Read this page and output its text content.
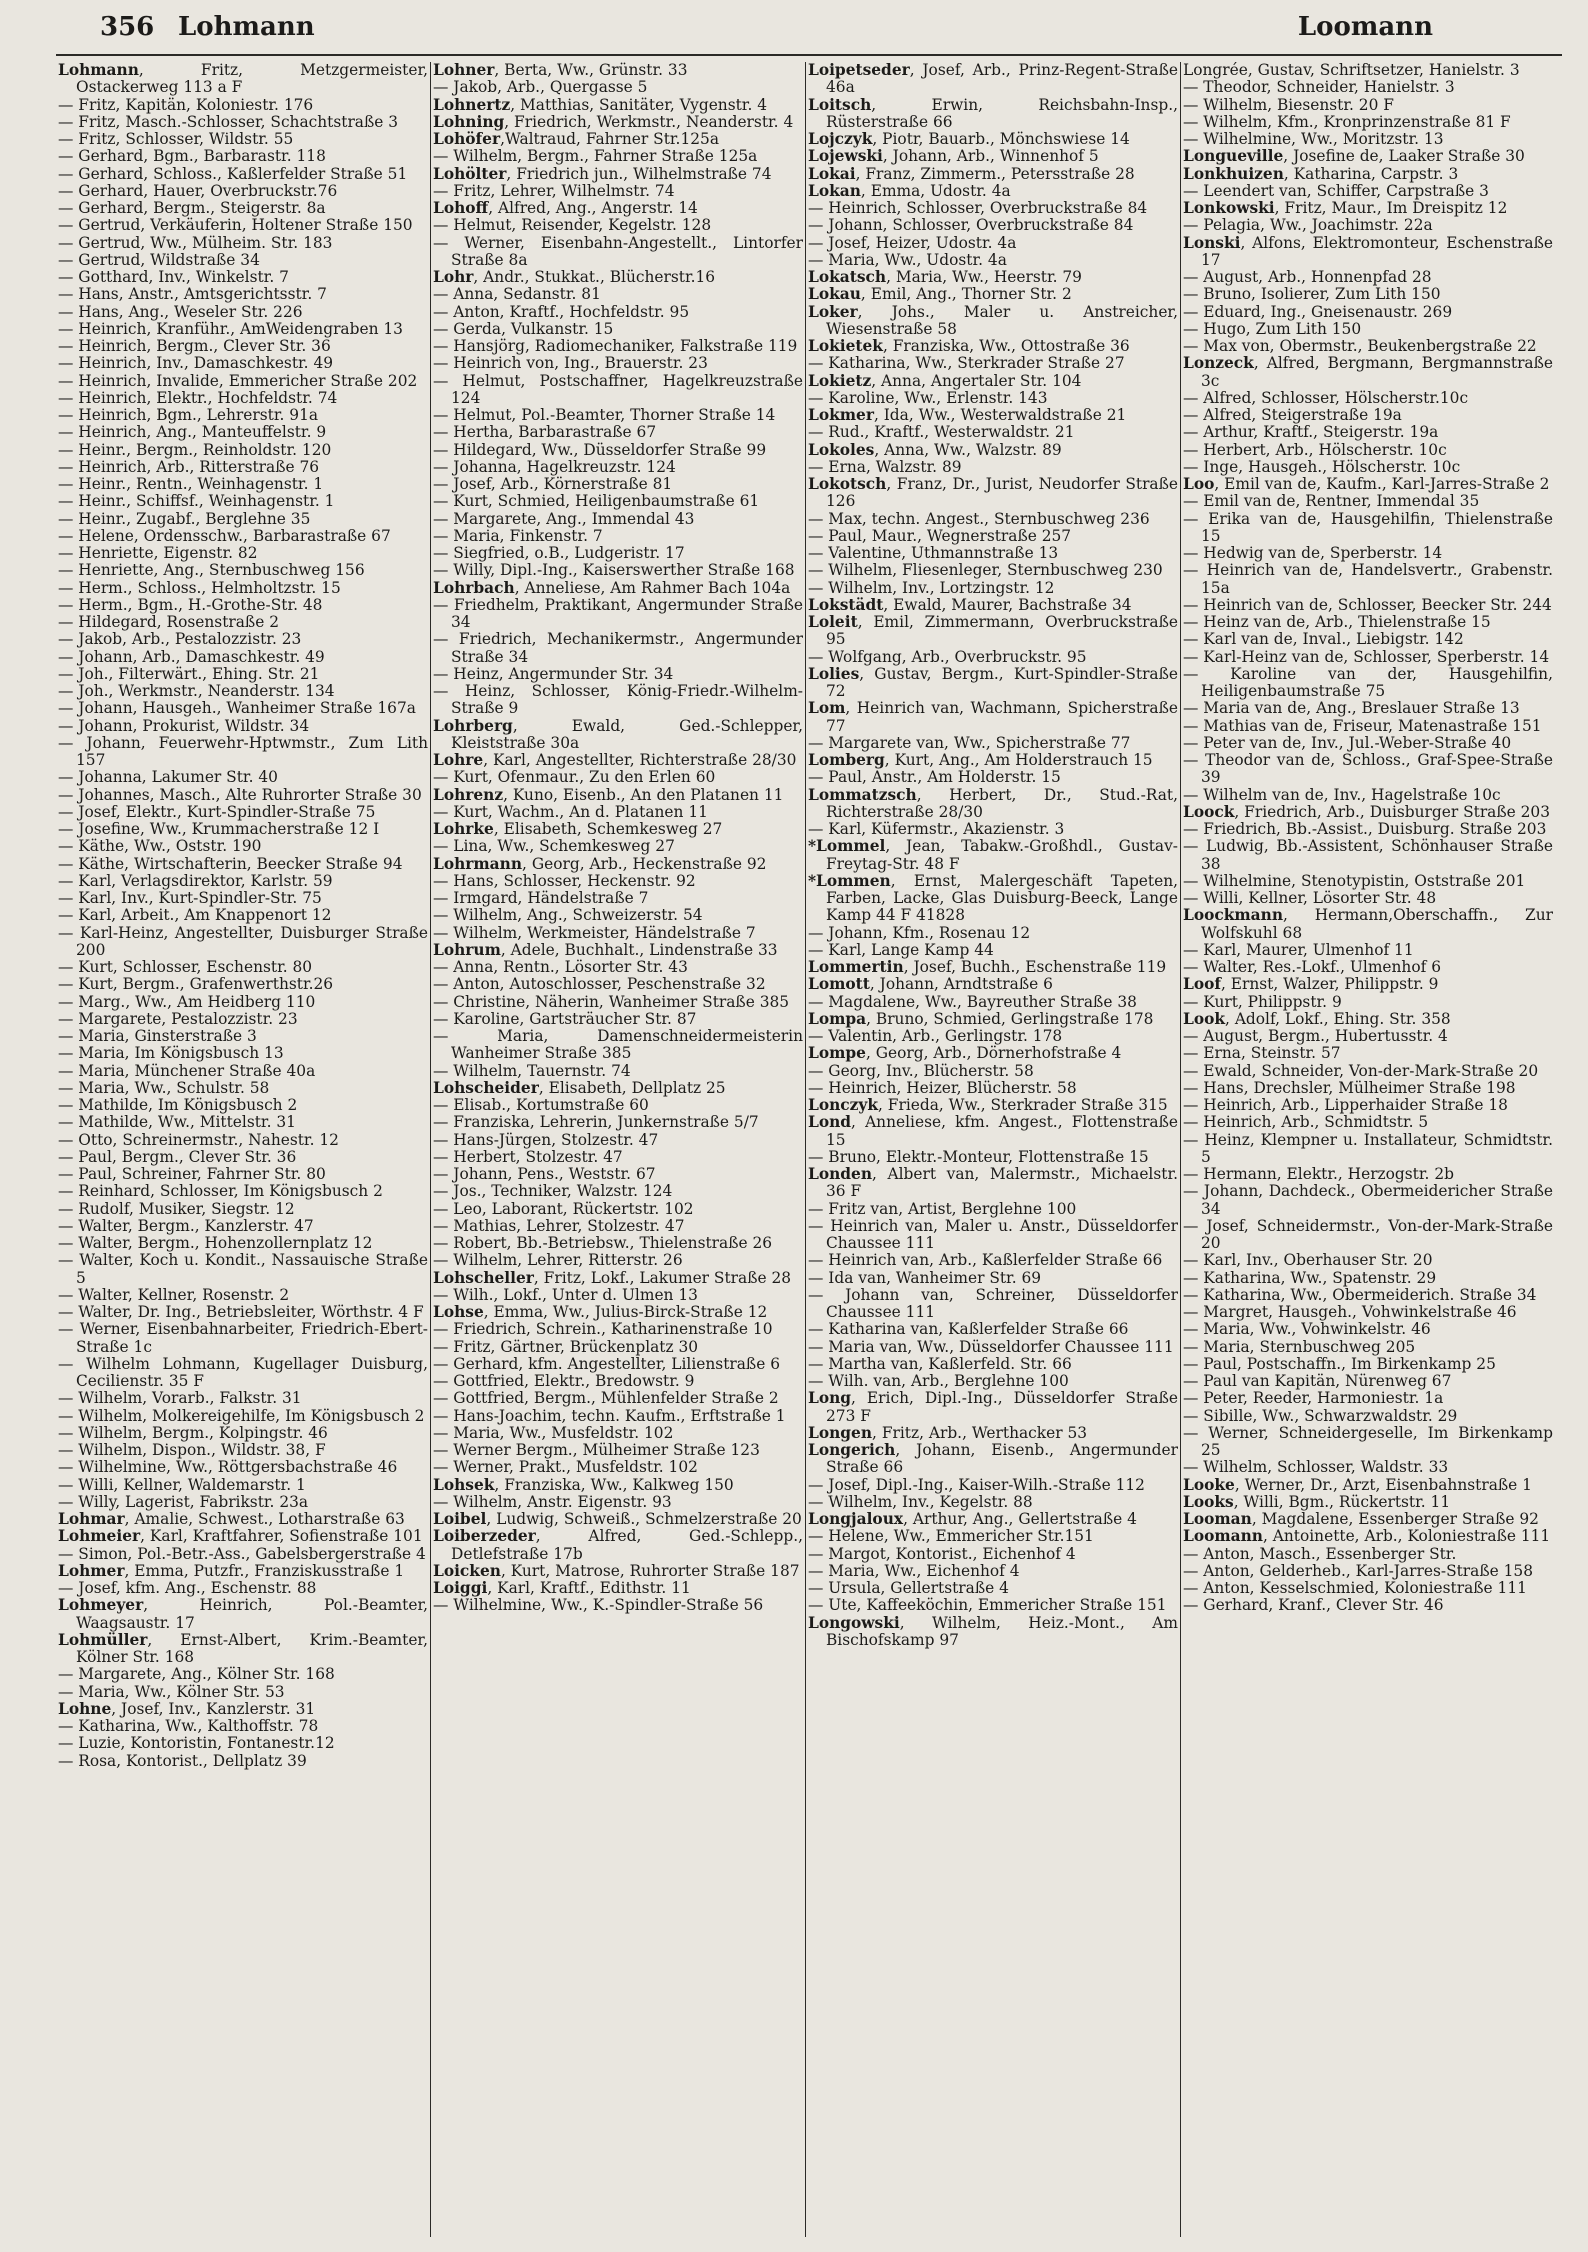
356 Lohmann	Loomann

Lohmann, Fritz, Metzgermeister, Ostackerweg 113 a F

— Fritz, Kapitän, Koloniestr. 176

— Fritz, Masch.-Schlosser, Schachtstraße 3

— Fritz, Schlosser, Wildstr. 55

— Gerhard, Bgm., Barbarastr. 118

— Gerhard, Schloss., Kaßlerfelder Straße 51

— Gerhard, Hauer, Overbruckstr.76

— Gerhard, Bergm., Steigerstr. 8a

— Gertrud, Verkäuferin, Holtener Straße 150

— Gertrud, Ww., Mülheim. Str. 183

— Gertrud, Wildstraße 34

— Gotthard, Inv., Winkelstr. 7

— Hans, Anstr., Amtsgerichtsstr. 7

— Hans, Ang., Weseler Str. 226

— Heinrich, Kranführ., AmWeidengraben 13

— Heinrich, Bergm., Clever Str. 36

— Heinrich, Inv., Damaschkestr. 49

— Heinrich, Invalide, Emmericher Straße 202

— Heinrich, Elektr., Hochfeldstr. 74

— Heinrich, Bgm., Lehrerstr. 91a

— Heinrich, Ang., Manteuffelstr. 9

— Heinr., Bergm., Reinholdstr. 120

— Heinrich, Arb., Ritterstraße 76

— Heinr., Rentn., Weinhagenstr. 1

— Heinr., Schiffsf., Weinhagenstr. 1

— Heinr., Zugabf., Berglehne 35

— Helene, Ordensschw., Barbarastraße 67

— Henriette, Eigenstr. 82

— Henriette, Ang., Sternbuschweg 156

— Herm., Schloss., Helmholtzstr. 15

— Herm., Bgm., H.-Grothe-Str. 48

— Hildegard, Rosenstraße 2

— Jakob, Arb., Pestalozzistr. 23

— Johann, Arb., Damaschkestr. 49

— Joh., Filterwärt., Ehing. Str. 21

— Joh., Werkmstr., Neanderstr. 134

— Johann, Hausgeh., Wanheimer Straße 167a

— Johann, Prokurist, Wildstr. 34

— Johann, Feuerwehr-Hptwmstr., Zum Lith 157

— Johanna, Lakumer Str. 40

— Johannes, Masch., Alte Ruhrorter Straße 30

— Josef, Elektr., Kurt-Spindler-Straße 75

— Josefine, Ww., Krummacherstraße 12 I

— Käthe, Ww., Oststr. 190

— Käthe, Wirtschafterin, Beecker Straße 94

— Karl, Verlagsdirektor, Karlstr. 59

— Karl, Inv., Kurt-Spindler-Str. 75

— Karl, Arbeit., Am Knappenort 12

— Karl-Heinz, Angestellter, Duisburger Straße 200

— Kurt, Schlosser, Eschenstr. 80

— Kurt, Bergm., Grafenwerthstr.26

— Marg., Ww., Am Heidberg 110

— Margarete, Pestalozzistr. 23

— Maria, Ginsterstraße 3

— Maria, Im Königsbusch 13

— Maria, Münchener Straße 40a

— Maria, Ww., Schulstr. 58

— Mathilde, Im Königsbusch 2

— Mathilde, Ww., Mittelstr. 31

— Otto, Schreinermstr., Nahestr. 12

— Paul, Bergm., Clever Str. 36

— Paul, Schreiner, Fahrner Str. 80

— Reinhard, Schlosser, Im Königsbusch 2

— Rudolf, Musiker, Siegstr. 12

— Walter, Bergm., Kanzlerstr. 47

— Walter, Bergm., Hohenzollernplatz 12

— Walter, Koch u. Kondit., Nassauische Straße 5

— Walter, Kellner, Rosenstr. 2

— Walter, Dr. Ing., Betriebsleiter, Wörthstr. 4 F

— Werner, Eisenbahnarbeiter, Friedrich-Ebert-Straße 1c

— Wilhelm Lohmann, Kugellager Duisburg, Cecilienstr. 35 F

— Wilhelm, Vorarb., Falkstr. 31

— Wilhelm, Molkereigehilfe, Im Königsbusch 2

— Wilhelm, Bergm., Kolpingstr. 46

— Wilhelm, Dispon., Wildstr. 38, F

— Wilhelmine, Ww., Röttgersbachstraße 46

— Willi, Kellner, Waldemarstr. 1

— Willy, Lagerist, Fabrikstr. 23a

Lohmar, Amalie, Schwest., Lotharstraße 63

Lohmeier, Karl, Kraftfahrer, Sofienstraße 101

— Simon, Pol.-Betr.-Ass., Gabelsbergerstraße 4

Lohmer, Emma, Putzfr., Franziskusstraße 1

— Josef, kfm. Ang., Eschenstr. 88

Lohmeyer, Heinrich, Pol.-Beamter, Waagsaustr. 17

Lohmüller, Ernst-Albert, Krim.-Beamter, Kölner Str. 168

— Margarete, Ang., Kölner Str. 168

— Maria, Ww., Kölner Str. 53

Lohne, Josef, Inv., Kanzlerstr. 31

— Katharina, Ww., Kalthoffstr. 78

— Luzie, Kontoristin, Fontanestr.12

— Rosa, Kontorist., Dellplatz 39

Lohner, Berta, Ww., Grünstr. 33

— Jakob, Arb., Quergasse 5

Lohnertz, Matthias, Sanitäter, Vygenstr. 4

Lohning, Friedrich, Werkmstr., Neanderstr. 4

Lohöfer,Waltraud, Fahrner Str.125a

— Wilhelm, Bergm., Fahrner Straße 125a

Lohölter, Friedrich jun., Wilhelmstraße 74

— Fritz, Lehrer, Wilhelmstr. 74

Lohoff, Alfred, Ang., Angerstr. 14

— Helmut, Reisender, Kegelstr. 128

— Werner, Eisenbahn-Angestellt., Lintorfer Straße 8a

Lohr, Andr., Stukkat., Blücherstr.16

— Anna, Sedanstr. 81

— Anton, Kraftf., Hochfeldstr. 95

— Gerda, Vulkanstr. 15

— Hansjörg, Radiomechaniker, Falkstraße 119

— Heinrich von, Ing., Brauerstr. 23

— Helmut, Postschaffner, Hagelkreuzstraße 124

— Helmut, Pol.-Beamter, Thorner Straße 14

— Hertha, Barbarastraße 67

— Hildegard, Ww., Düsseldorfer Straße 99

— Johanna, Hagelkreuzstr. 124

— Josef, Arb., Körnerstraße 81

— Kurt, Schmied, Heiligenbaumstraße 61

— Margarete, Ang., Immendal 43

— Maria, Finkenstr. 7

— Siegfried, o.B., Ludgeristr. 17

— Willy, Dipl.-Ing., Kaiserswerther Straße 168

Lohrbach, Anneliese, Am Rahmer Bach 104a

— Friedhelm, Praktikant, Angermunder Straße 34

— Friedrich, Mechanikermstr., Angermunder Straße 34

— Heinz, Angermunder Str. 34

— Heinz, Schlosser, König-Friedr.-Wilhelm-Straße 9

Lohrberg, Ewald, Ged.-Schlepper, Kleiststraße 30a

Lohre, Karl, Angestellter, Richterstraße 28/30

— Kurt, Ofenmaur., Zu den Erlen 60

Lohrenz, Kuno, Eisenb., An den Platanen 11

— Kurt, Wachm., An d. Platanen 11

Lohrke, Elisabeth, Schemkesweg 27

— Lina, Ww., Schemkesweg 27

Lohrmann, Georg, Arb., Heckenstraße 92

— Hans, Schlosser, Heckenstr. 92

— Irmgard, Händelstraße 7

— Wilhelm, Ang., Schweizerstr. 54

— Wilhelm, Werkmeister, Händelstraße 7

Lohrum, Adele, Buchhalt., Lindenstraße 33

— Anna, Rentn., Lösorter Str. 43

— Anton, Autoschlosser, Peschenstraße 32

— Christine, Näherin, Wanheimer Straße 385

— Karoline, Gartsträucher Str. 87

— Maria, Damenschneidermeisterin Wanheimer Straße 385

— Wilhelm, Tauernstr. 74

Lohscheider, Elisabeth, Dellplatz 25

— Elisab., Kortumstraße 60

— Franziska, Lehrerin, Junkernstraße 5/7

— Hans-Jürgen, Stolzestr. 47

— Herbert, Stolzestr. 47

— Johann, Pens., Weststr. 67

— Jos., Techniker, Walzstr. 124

— Leo, Laborant, Rückertstr. 102

— Mathias, Lehrer, Stolzestr. 47

— Robert, Bb.-Betriebsw., Thielenstraße 26

— Wilhelm, Lehrer, Ritterstr. 26

Lohscheller, Fritz, Lokf., Lakumer Straße 28

— Wilh., Lokf., Unter d. Ulmen 13

Lohse, Emma, Ww., Julius-Birck-Straße 12

— Friedrich, Schrein., Katharinenstraße 10

— Fritz, Gärtner, Brückenplatz 30

— Gerhard, kfm. Angestellter, Lilienstraße 6

— Gottfried, Elektr., Bredowstr. 9

— Gottfried, Bergm., Mühlenfelder Straße 2

— Hans-Joachim, techn. Kaufm., Erftstraße 1

— Maria, Ww., Musfeldstr. 102

— Werner Bergm., Mülheimer Straße 123

— Werner, Prakt., Musfeldstr. 102

Lohsek, Franziska, Ww., Kalkweg 150

— Wilhelm, Anstr. Eigenstr. 93

Loibel, Ludwig, Schweiß., Schmelzerstraße 20

Loiberzeder, Alfred, Ged.-Schlepp., Detlefstraße 17b

Loicken, Kurt, Matrose, Ruhrorter Straße 187

Loiggi, Karl, Kraftf., Edithstr. 11

— Wilhelmine, Ww., K.-Spindler-Straße 56

Loipetseder, Josef, Arb., Prinz-Regent-Straße 46a

Loitsch, Erwin, Reichsbahn-Insp., Rüsterstraße 66

Lojczyk, Piotr, Bauarb., Mönchswiese 14

Lojewski, Johann, Arb., Winnenhof 5

Lokai, Franz, Zimmerm., Petersstraße 28

Lokan, Emma, Udostr. 4a

— Heinrich, Schlosser, Overbruckstraße 84

— Johann, Schlosser, Overbruckstraße 84

— Josef, Heizer, Udostr. 4a

— Maria, Ww., Udostr. 4a

Lokatsch, Maria, Ww., Heerstr. 79

Lokau, Emil, Ang., Thorner Str. 2

Loker, Johs., Maler u. Anstreicher, Wiesenstraße 58

Lokietek, Franziska, Ww., Ottostraße 36

— Katharina, Ww., Sterkrader Straße 27

Lokietz, Anna, Angertaler Str. 104

— Karoline, Ww., Erlenstr. 143

Lokmer, Ida, Ww., Westerwaldstraße 21

— Rud., Kraftf., Westerwaldstr. 21

Lokoles, Anna, Ww., Walzstr. 89

— Erna, Walzstr. 89

Lokotsch, Franz, Dr., Jurist, Neudorfer Straße 126

— Max, techn. Angest., Sternbuschweg 236

— Paul, Maur., Wegnerstraße 257

— Valentine, Uthmannstraße 13

— Wilhelm, Fliesenleger, Sternbuschweg 230

— Wilhelm, Inv., Lortzingstr. 12

Lokstädt, Ewald, Maurer, Bachstraße 34

Loleit, Emil, Zimmermann, Overbruckstraße 95

— Wolfgang, Arb., Overbruckstr. 95

Lolies, Gustav, Bergm., Kurt-Spindler-Straße 72

Lom, Heinrich van, Wachmann, Spicherstraße 77

— Margarete van, Ww., Spicherstraße 77

Lomberg, Kurt, Ang., Am Holderstrauch 15

— Paul, Anstr., Am Holderstr. 15

Lommatzsch, Herbert, Dr., Stud.-Rat, Richterstraße 28/30

— Karl, Küfermstr., Akazienstr. 3

*Lommel, Jean, Tabakw.-Großhdl., Gustav-Freytag-Str. 48 F

*Lommen, Ernst, Malergeschäft Tapeten, Farben, Lacke, Glas Duisburg-Beeck, Lange Kamp 44 F 41828

— Johann, Kfm., Rosenau 12

— Karl, Lange Kamp 44

Lommertin, Josef, Buchh., Eschenstraße 119

Lomott, Johann, Arndtstraße 6

— Magdalene, Ww., Bayreuther Straße 38

Lompa, Bruno, Schmied, Gerlingstraße 178

— Valentin, Arb., Gerlingstr. 178

Lompe, Georg, Arb., Dörnerhofstraße 4

— Georg, Inv., Blücherstr. 58

— Heinrich, Heizer, Blücherstr. 58

Lonczyk, Frieda, Ww., Sterkrader Straße 315

Lond, Anneliese, kfm. Angest., Flottenstraße 15

— Bruno, Elektr.-Monteur, Flottenstraße 15

Londen, Albert van, Malermstr., Michaelstr. 36 F

— Fritz van, Artist, Berglehne 100

— Heinrich van, Maler u. Anstr., Düsseldorfer Chaussee 111

— Heinrich van, Arb., Kaßlerfelder Straße 66

— Ida van, Wanheimer Str. 69

— Johann van, Schreiner, Düsseldorfer Chaussee 111

— Katharina van, Kaßlerfelder Straße 66

— Maria van, Ww., Düsseldorfer Chaussee 111

— Martha van, Kaßlerfeld. Str. 66

— Wilh. van, Arb., Berglehne 100

Long, Erich, Dipl.-Ing., Düsseldorfer Straße 273 F

Longen, Fritz, Arb., Werthacker 53

Longerich, Johann, Eisenb., Angermunder Straße 66

— Josef, Dipl.-Ing., Kaiser-Wilh.-Straße 112

— Wilhelm, Inv., Kegelstr. 88

Longjaloux, Arthur, Ang., Gellertstraße 4

— Helene, Ww., Emmericher Str.151

— Margot, Kontorist., Eichenhof 4

— Maria, Ww., Eichenhof 4

— Ursula, Gellertstraße 4

— Ute, Kaffeeköchin, Emmericher Straße 151

Longowski, Wilhelm, Heiz.-Mont., Am Bischofskamp 97

Longrée, Gustav, Schriftsetzer, Hanielstr. 3

— Theodor, Schneider, Hanielstr. 3

— Wilhelm, Biesenstr. 20 F

— Wilhelm, Kfm., Kronprinzenstraße 81 F

— Wilhelmine, Ww., Moritzstr. 13

Longueville, Josefine de, Laaker Straße 30

Lonkhuizen, Katharina, Carpstr. 3

— Leendert van, Schiffer, Carpstraße 3

Lonkowski, Fritz, Maur., Im Dreispitz 12

— Pelagia, Ww., Joachimstr. 22a

Lonski, Alfons, Elektromonteur, Eschenstraße 17

— August, Arb., Honnenpfad 28

— Bruno, Isolierer, Zum Lith 150

— Eduard, Ing., Gneisenaustr. 269

— Hugo, Zum Lith 150

— Max von, Obermstr., Beukenbergstraße 22

Lonzeck, Alfred, Bergmann, Bergmannstraße 3c

— Alfred, Schlosser, Hölscherstr.10c

— Alfred, Steigerstraße 19a

— Arthur, Kraftf., Steigerstr. 19a

— Herbert, Arb., Hölscherstr. 10c

— Inge, Hausgeh., Hölscherstr. 10c

Loo, Emil van de, Kaufm., Karl-Jarres-Straße 2

— Emil van de, Rentner, Immendal 35

— Erika van de, Hausgehilfin, Thielenstraße 15

— Hedwig van de, Sperberstr. 14

— Heinrich van de, Handelsvertr., Grabenstr. 15a

— Heinrich van de, Schlosser, Beecker Str. 244

— Heinz van de, Arb., Thielenstraße 15

— Karl van de, Inval., Liebigstr. 142

— Karl-Heinz van de, Schlosser, Sperberstr. 14

— Karoline van der, Hausgehilfin, Heiligenbaumstraße 75

— Maria van de, Ang., Breslauer Straße 13

— Mathias van de, Friseur, Matenastraße 151

— Peter van de, Inv., Jul.-Weber-Straße 40

— Theodor van de, Schloss., Graf-Spee-Straße 39

— Wilhelm van de, Inv., Hagelstraße 10c

Loock, Friedrich, Arb., Duisburger Straße 203

— Friedrich, Bb.-Assist., Duisburg. Straße 203

— Ludwig, Bb.-Assistent, Schönhauser Straße 38

— Wilhelmine, Stenotypistin, Oststraße 201

— Willi, Kellner, Lösorter Str. 48

Loockmann, Hermann,Oberschaffn., Zur Wolfskuhl 68

— Karl, Maurer, Ulmenhof 11

— Walter, Res.-Lokf., Ulmenhof 6

Loof, Ernst, Walzer, Philippstr. 9

— Kurt, Philippstr. 9

Look, Adolf, Lokf., Ehing. Str. 358

— August, Bergm., Hubertusstr. 4

— Erna, Steinstr. 57

— Ewald, Schneider, Von-der-Mark-Straße 20

— Hans, Drechsler, Mülheimer Straße 198

— Heinrich, Arb., Lipperhaider Straße 18

— Heinrich, Arb., Schmidtstr. 5

— Heinz, Klempner u. Installateur, Schmidtstr. 5

— Hermann, Elektr., Herzogstr. 2b

— Johann, Dachdeck., Obermeidericher Straße 34

— Josef, Schneidermstr., Von-der-Mark-Straße 20

— Karl, Inv., Oberhauser Str. 20

— Katharina, Ww., Spatenstr. 29

— Katharina, Ww., Obermeiderich. Straße 34

— Margret, Hausgeh., Vohwinkelstraße 46

— Maria, Ww., Vohwinkelstr. 46

— Maria, Sternbuschweg 205

— Paul, Postschaffn., Im Birkenkamp 25

— Paul van Kapitän, Nürenweg 67

— Peter, Reeder, Harmoniestr. 1a

— Sibille, Ww., Schwarzwaldstr. 29

— Werner, Schneidergeselle, Im Birkenkamp 25

— Wilhelm, Schlosser, Waldstr. 33

Looke, Werner, Dr., Arzt, Eisenbahnstraße 1

Looks, Willi, Bgm., Rückertstr. 11

Looman, Magdalene, Essenberger Straße 92

Loomann, Antoinette, Arb., Koloniestraße 111

— Anton, Masch., Essenberger Str.

— Anton, Gelderheb., Karl-Jarres-Straße 158

— Anton, Kesselschmied, Koloniestraße 111

— Gerhard, Kranf., Clever Str. 46
